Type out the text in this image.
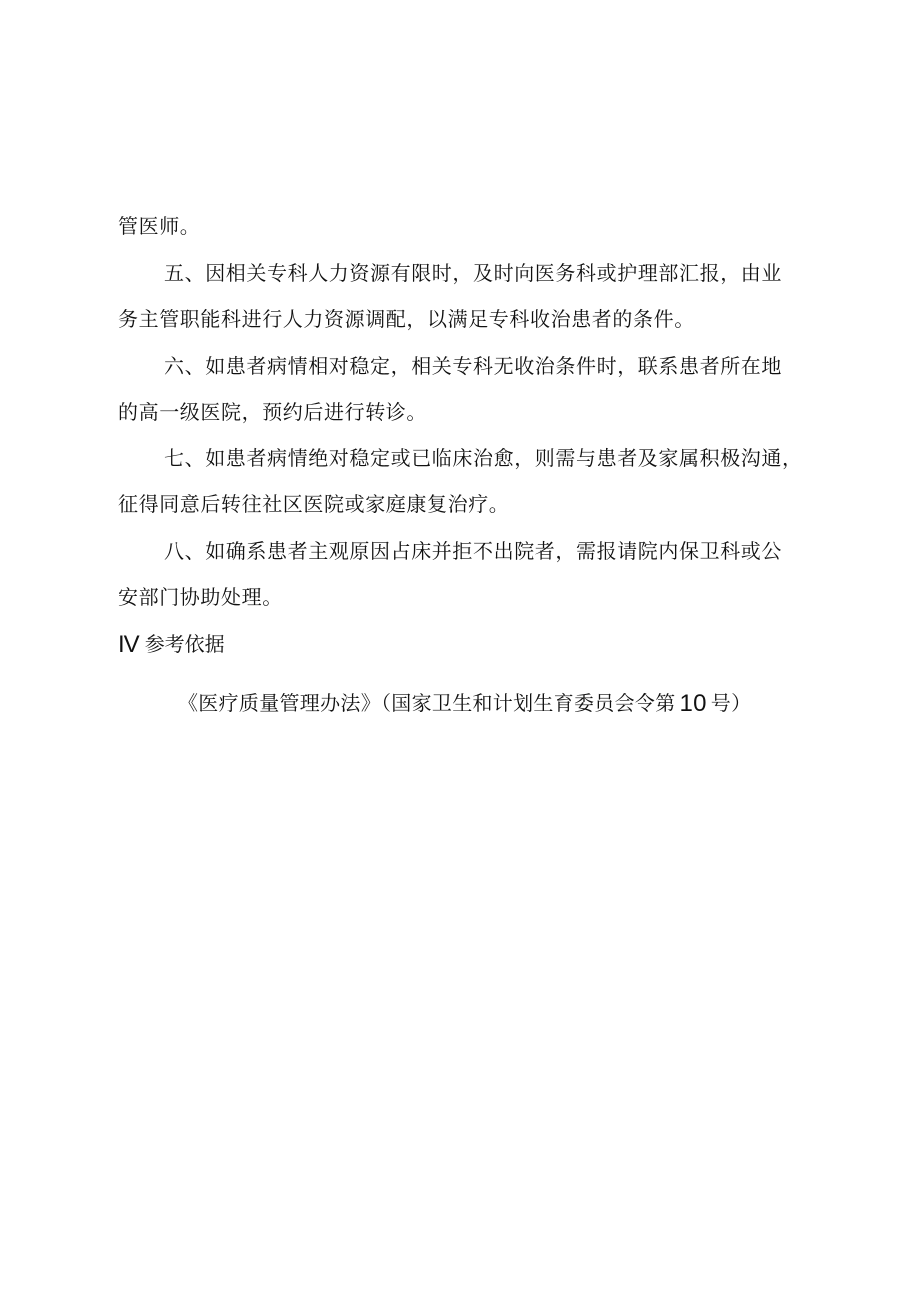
管医师。
五、因相关专科人力资源有限时，及时向医务科或护理部汇报，由业
务主管职能科进行人力资源调配，以满足专科收治患者的条件。
六、如患者病情相对稳定，相关专科无收治条件时，联系患者所在地
的高一级医院，预约后进行转诊。
七、如患者病情绝对稳定或已临床治愈，则需与患者及家属积极沟通，
征得同意后转往社区医院或家庭康复治疗。
八、如确系患者主观原因占床并拒不出院者，需报请院内保卫科或公
安部门协助处理。
IV 参考依据
《医疗质量管理办法》（国家卫生和计划生育委员会令第 10 号）
